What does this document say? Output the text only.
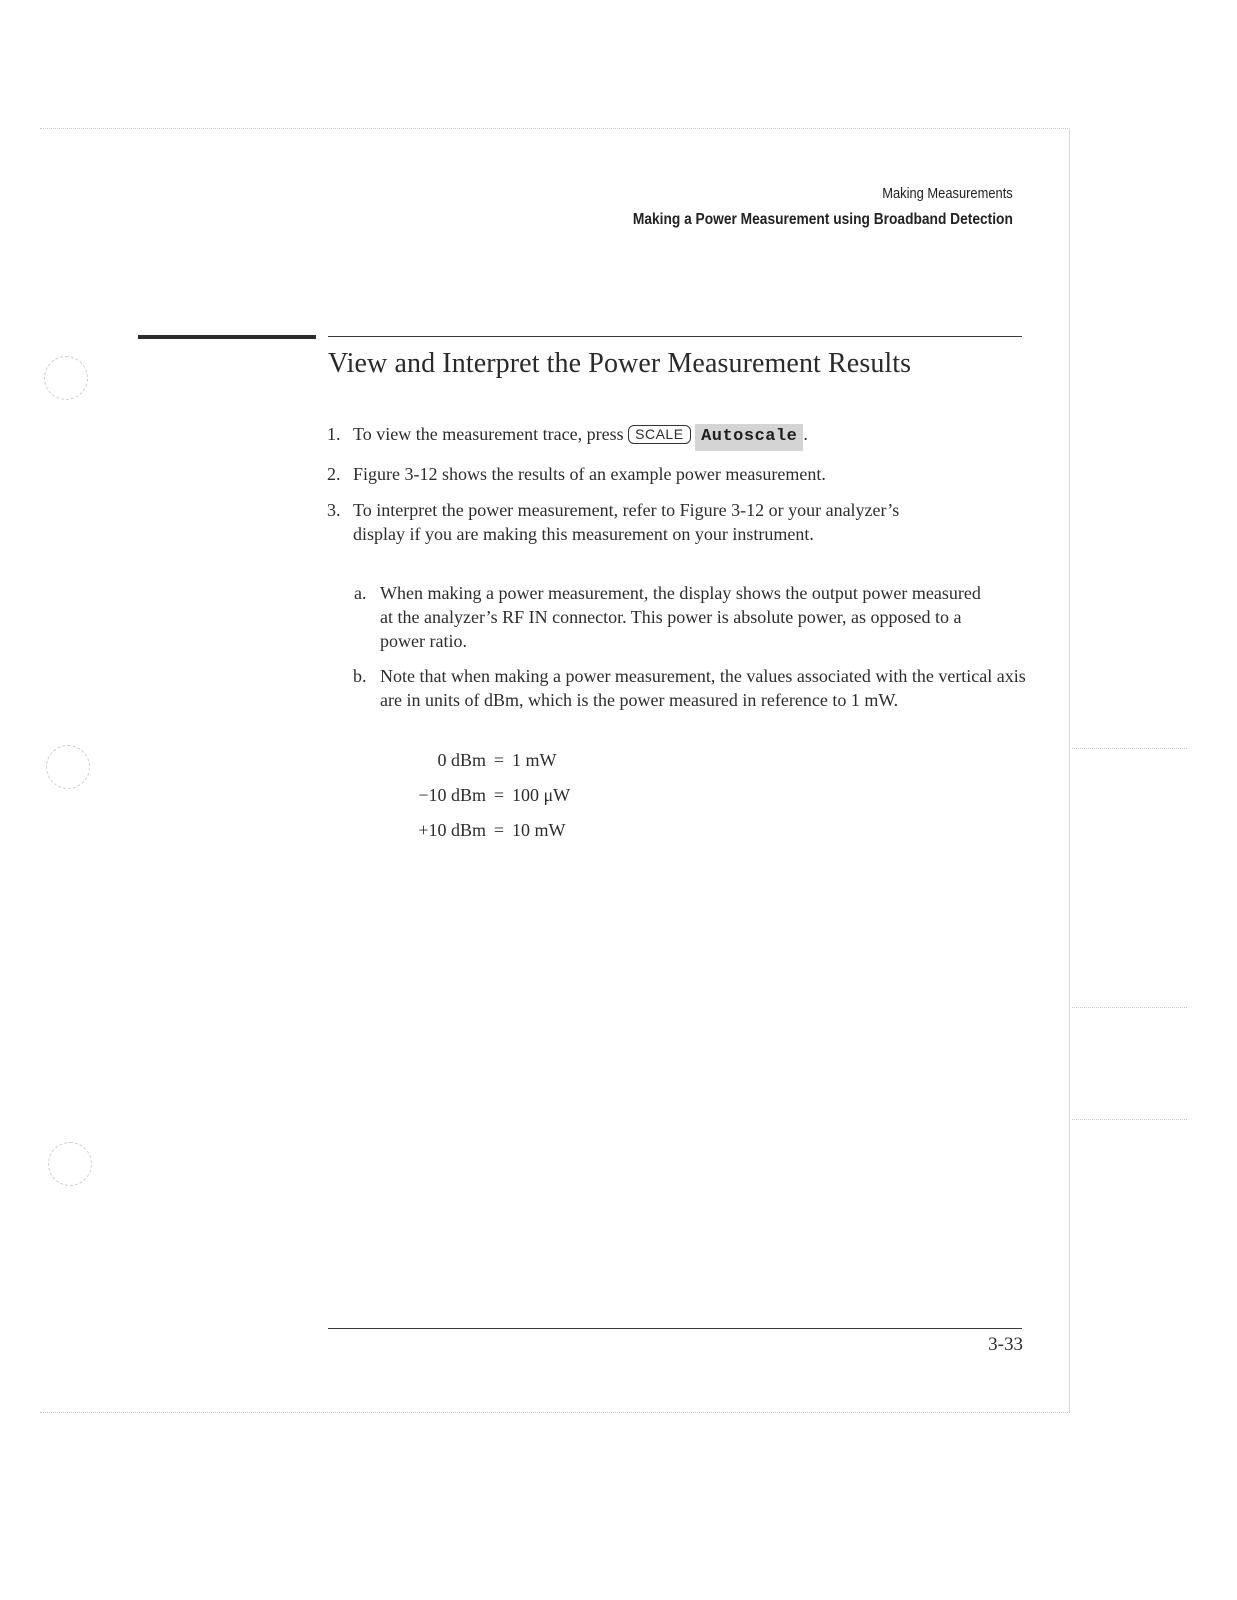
Making Measurements
Making a Power Measurement using Broadband Detection
View and Interpret the Power Measurement Results
1. To view the measurement trace, press SCALE Autoscale .
2. Figure 3-12 shows the results of an example power measurement.
3. To interpret the power measurement, refer to Figure 3-12 or your analyzer’s display if you are making this measurement on your instrument.
a. When making a power measurement, the display shows the output power measured at the analyzer’s RF IN connector. This power is absolute power, as opposed to a power ratio.
b. Note that when making a power measurement, the values associated with the vertical axis are in units of dBm, which is the power measured in reference to 1 mW.
0 dBm = 1 mW
−10 dBm = 100 μW
+10 dBm = 10 mW
3-33
